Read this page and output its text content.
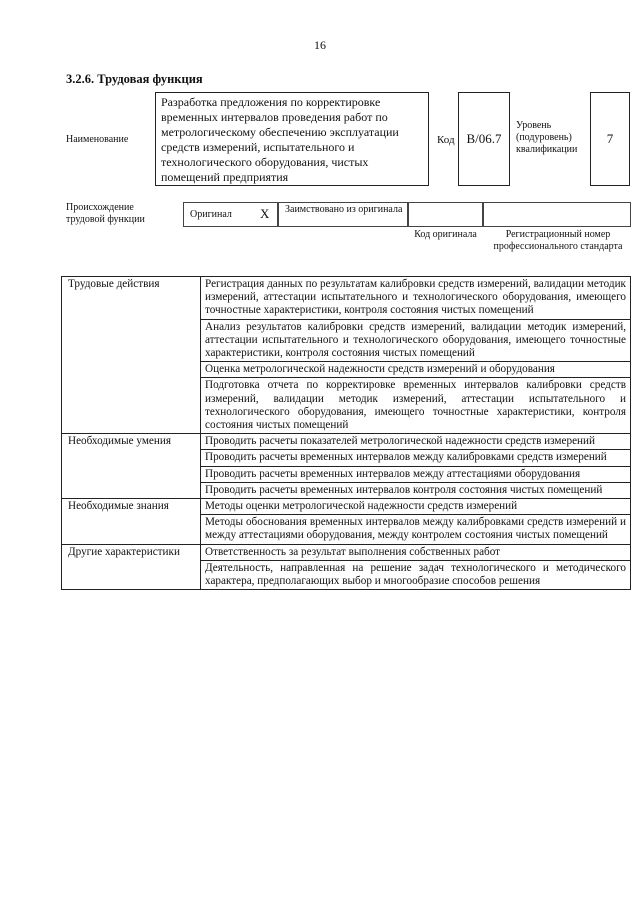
16
3.2.6. Трудовая функция
Наименование
Разработка предложения по корректировке временных интервалов проведения работ по метрологическому обеспечению эксплуатации средств измерений, испытательного и технологического оборудования, чистых помещений предприятия
Код В/06.7
Уровень (подуровень) квалификации
7
Происхождение трудовой функции	Оригинал X Заимствовано из оригинала
Код оригинала	Регистрационный номер профессионального стандарта
Трудовые действия	Регистрация данных по результатам калибровки средств измерений, валидации методик измерений, аттестации испытательного и технологического оборудования, имеющего точностные характеристики, контроля состояния чистых помещений
	Анализ результатов калибровки средств измерений, валидации методик измерений, аттестации испытательного и технологического оборудования, имеющего точностные характеристики, контроля состояния чистых помещений
	Оценка метрологической надежности средств измерений и оборудования
	Подготовка отчета по корректировке временных интервалов калибровки средств измерений, валидации методик измерений, аттестации испытательного и технологического оборудования, имеющего точностные характеристики, контроля состояния чистых помещений
Необходимые умения	Проводить расчеты показателей метрологической надежности средств измерений
	Проводить расчеты временных интервалов между калибровками средств измерений
	Проводить расчеты временных интервалов между аттестациями оборудования
	Проводить расчеты временных интервалов контроля состояния чистых помещений
Необходимые знания	Методы оценки метрологической надежности средств измерений
	Методы обоснования временных интервалов между калибровками средств измерений и между аттестациями оборудования, между контролем состояния чистых помещений
Другие характеристики	Ответственность за результат выполнения собственных работ
	Деятельность, направленная на решение задач технологического и методического характера, предполагающих выбор и многообразие способов решения
